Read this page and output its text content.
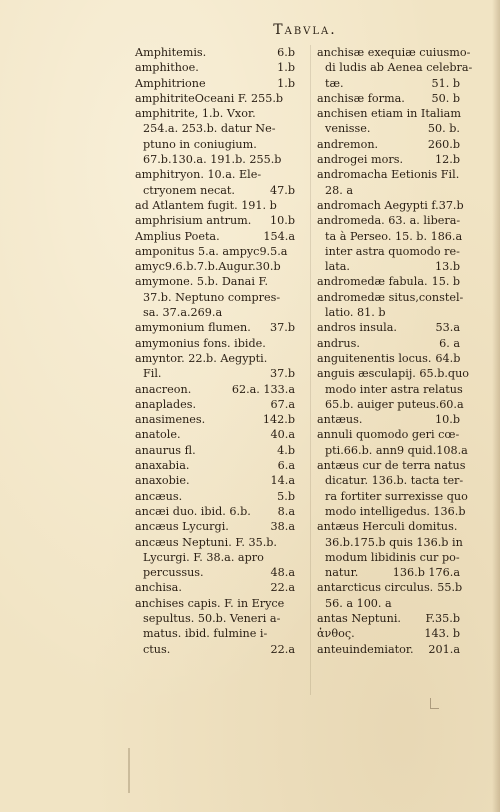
Tabvla.
Amphitemis.	6.b
amphithoe.	1.b
Amphitrione	1.b
amphitriteOceani F. 255.b
amphitrite, 1.b. Vxor.
254.a. 253.b. datur Ne-
ptuno in coniugium.
67.b.130.a. 191.b. 255.b
amphitryon. 10.a. Ele-
ctryonem necat.	47.b
ad Atlantem fugit. 191. b
amphrisium antrum.	10.b
Amplius Poeta.	154.a
amponitus 5.a. ampyc9.5.a
amyc9.6.b.7.b.Augur.30.b
amymone. 5.b. Danai F.
37.b. Neptuno compres-
sa. 37.a.269.a
amymonium flumen.	37.b
amymonius fons. ibide.
amyntor. 22.b. Aegypti.
Fil.	37.b
anacreon.	62.a. 133.a
anaplades.	67.a
anasimenes.	142.b
anatole.	40.a
anaurus fl.	4.b
anaxabia.	6.a
anaxobie.	14.a
ancæus.	5.b
ancæi duo. ibid. 6.b.	8.a
ancæus Lycurgi.	38.a
ancæus Neptuni. F. 35.b.
Lycurgi. F. 38.a. apro
percussus.	48.a
anchisa.	22.a
anchises capis. F. in Eryce
sepultus. 50.b. Veneri a-
matus. ibid. fulmine i-
ctus.	22.a
anchisæ exequiæ cuiusmo-
di ludis ab Aenea celebra-
tæ.	51. b
anchisæ forma.	50. b
anchisen etiam in Italiam
venisse.	50. b.
andremon.	260.b
androgei mors.	12.b
andromacha Eetionis Fil.
28. a
andromach Aegypti f.37.b
andromeda. 63. a. libera-
ta à Perseo. 15. b. 186.a
inter astra quomodo re-
lata.	13.b
andromedæ fabula. 15. b
andromedæ situs,constel-
latio. 81. b
andros insula.	53.a
andrus.	6. a
anguitenentis locus. 64.b
anguis æsculapij. 65.b.quo
modo inter astra relatus
65.b. auiger puteus.60.a
antæus.	10.b
annuli quomodo geri cœ-
pti.66.b. ann9 quid.108.a
antæus cur de terra natus
dicatur. 136.b. tacta ter-
ra fortiter surrexisse quo
modo intelligedus. 136.b
antæus Herculi domitus.
36.b.175.b quis 136.b in
modum libidinis cur po-
natur.	136.b 176.a
antarcticus circulus. 55.b
56. a 100. a
antas Neptuni.	F.35.b
ἀνθος.	143. b
anteuindemiator.	201.a
